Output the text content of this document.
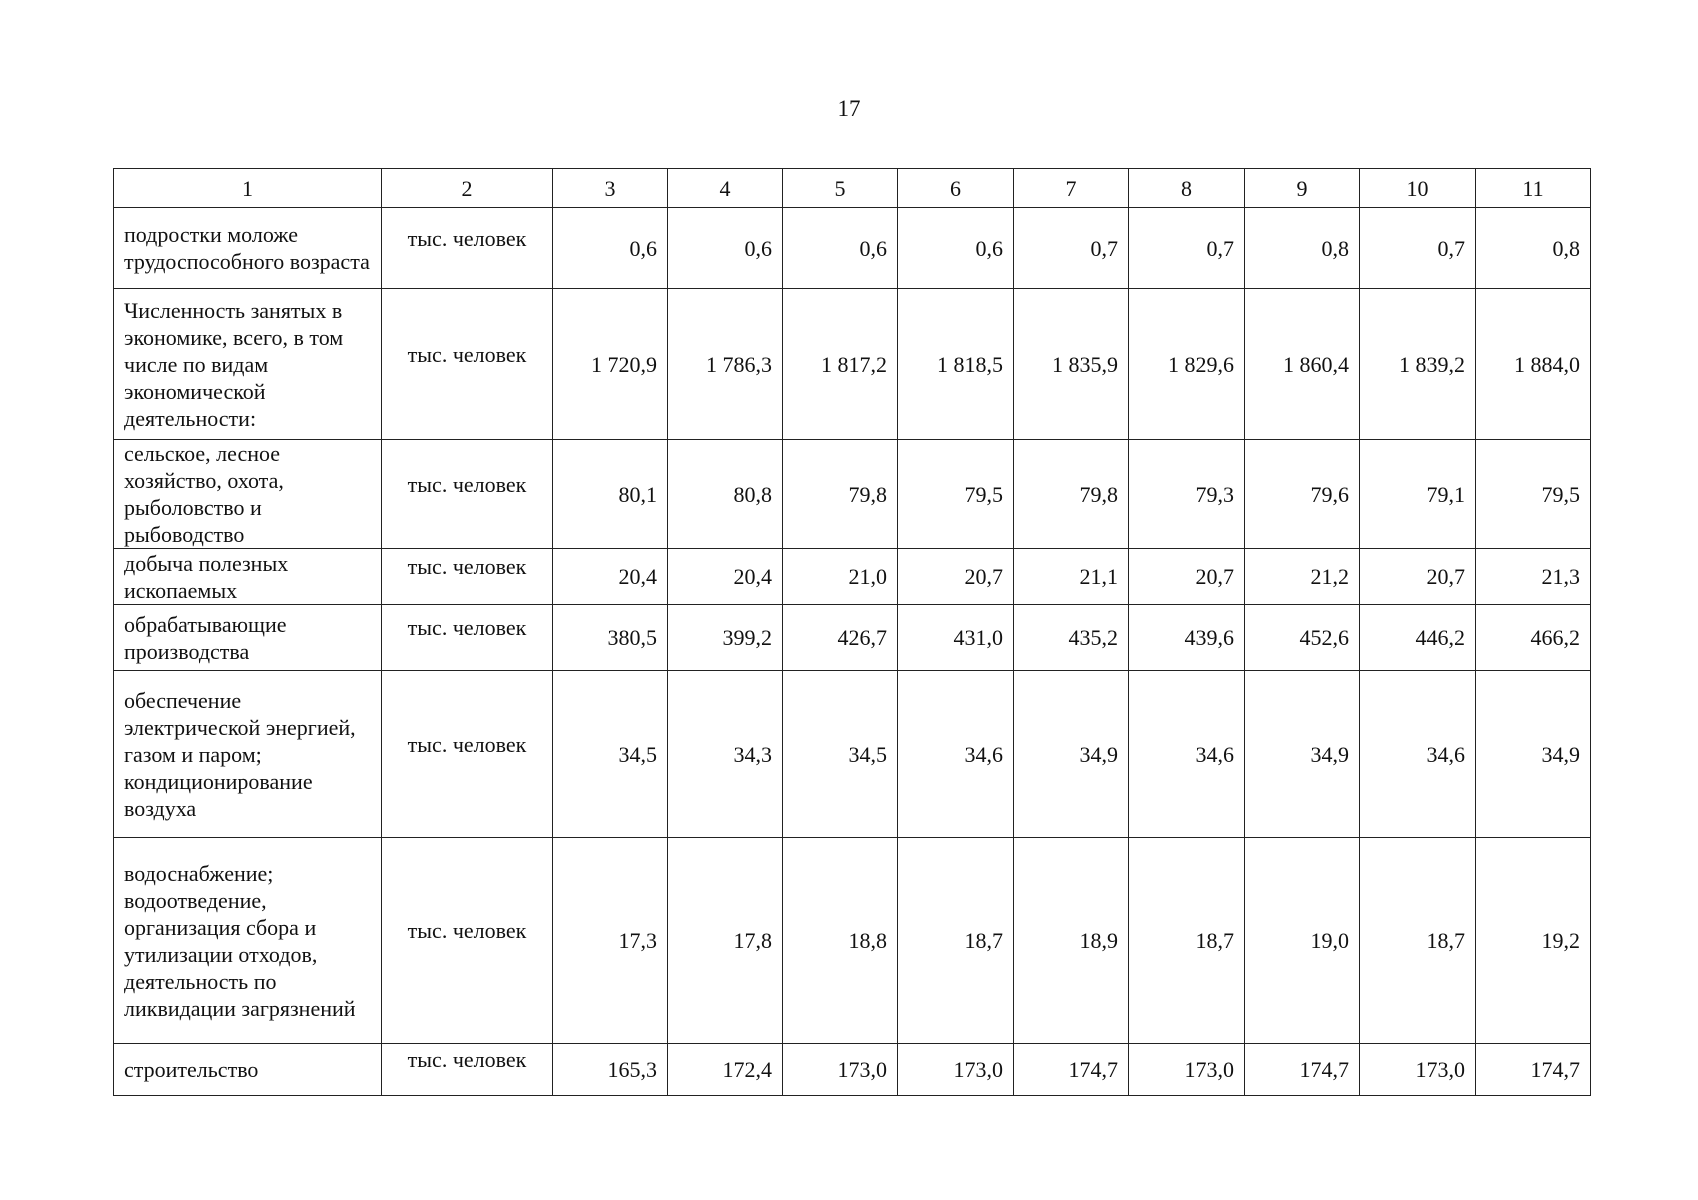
17
1	2	3	4	5	6	7	8	9	10	11
подростки моложе трудоспособного возраста	тыс. человек	0,6	0,6	0,6	0,6	0,7	0,7	0,8	0,7	0,8
Численность занятых в экономике, всего, в том числе по видам экономической деятельности:	тыс. человек	1 720,9	1 786,3	1 817,2	1 818,5	1 835,9	1 829,6	1 860,4	1 839,2	1 884,0
сельское, лесное хозяйство, охота, рыболовство и рыбоводство	тыс. человек	80,1	80,8	79,8	79,5	79,8	79,3	79,6	79,1	79,5
добыча полезных ископаемых	тыс. человек	20,4	20,4	21,0	20,7	21,1	20,7	21,2	20,7	21,3
обрабатывающие производства	тыс. человек	380,5	399,2	426,7	431,0	435,2	439,6	452,6	446,2	466,2
обеспечение электрической энергией, газом и паром; кондиционирование воздуха	тыс. человек	34,5	34,3	34,5	34,6	34,9	34,6	34,9	34,6	34,9
водоснабжение; водоотведение, организация сбора и утилизации отходов, деятельность по ликвидации загрязнений	тыс. человек	17,3	17,8	18,8	18,7	18,9	18,7	19,0	18,7	19,2
строительство	тыс. человек	165,3	172,4	173,0	173,0	174,7	173,0	174,7	173,0	174,7
